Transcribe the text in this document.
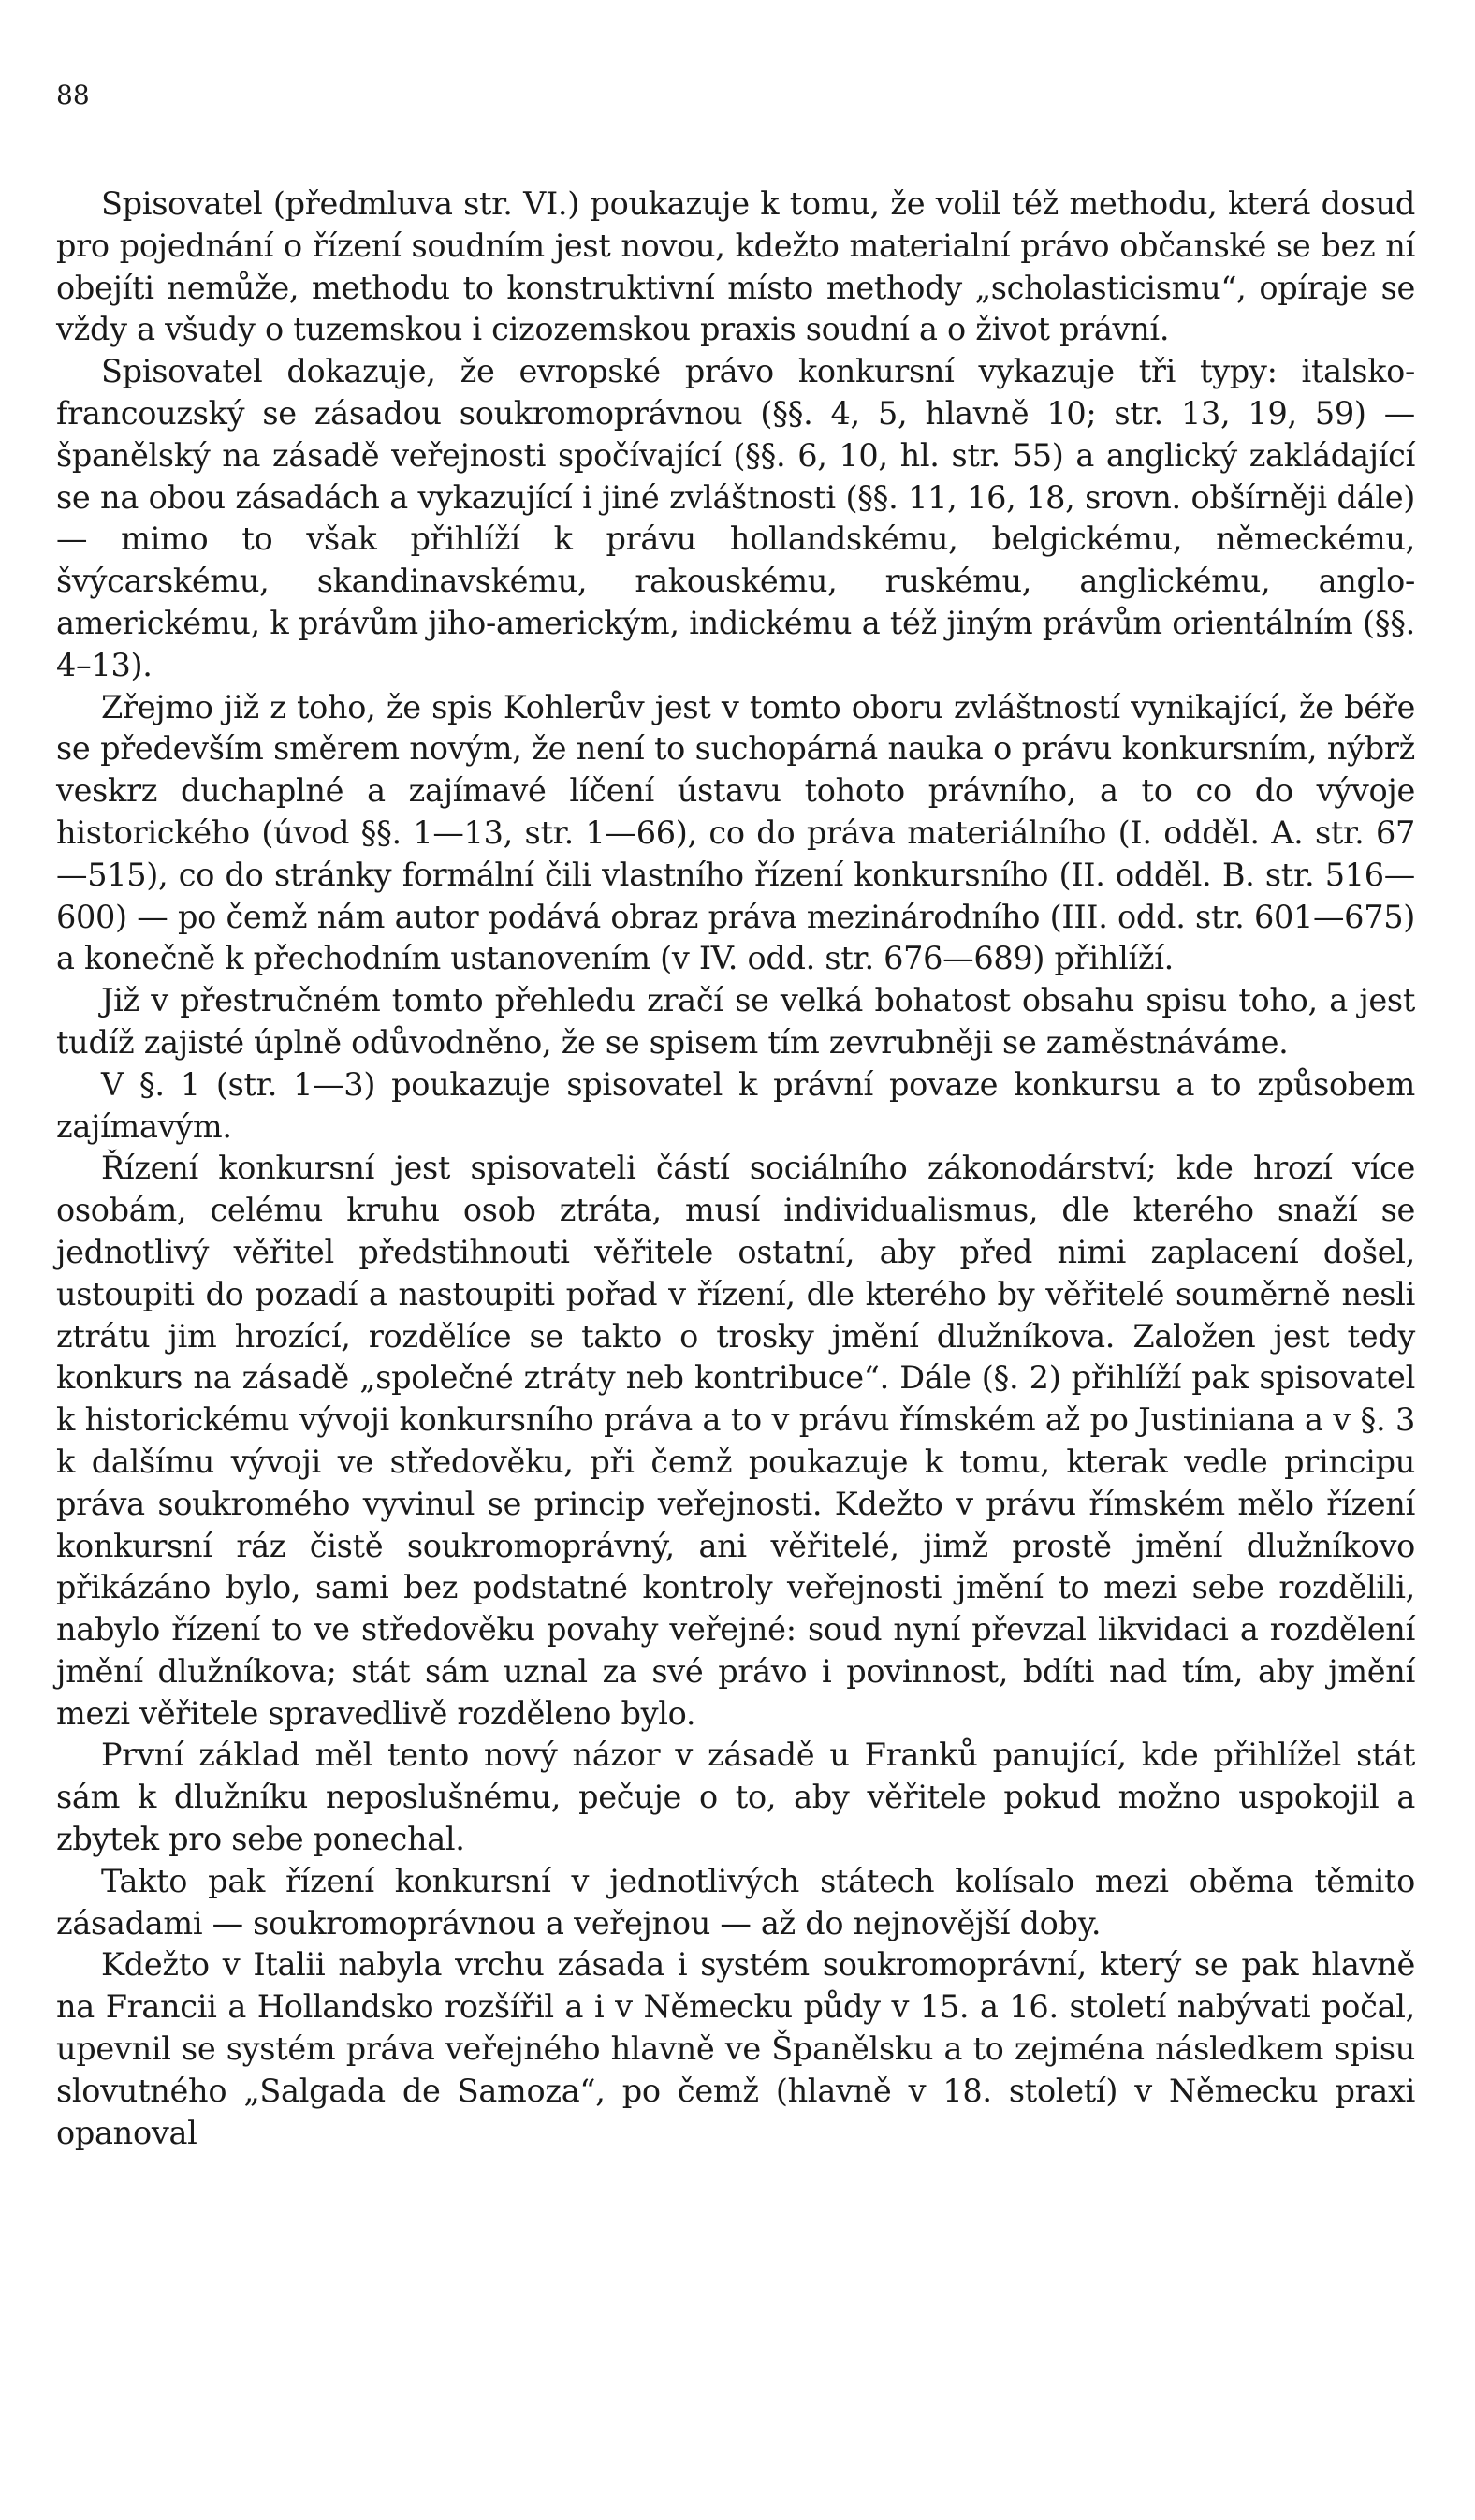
88

Spisovatel (předmluva str. VI.) poukazuje k tomu, že volil též methodu, která dosud pro pojednání o řízení soudním jest novou, kdežto materialní právo občanské se bez ní obejíti nemůže, methodu to konstruktivní místo methody „scholasticismu“, opíraje se vždy a všudy o tuzemskou i cizozemskou praxis soudní a o život právní.

Spisovatel dokazuje, že evropské právo konkursní vykazuje tři typy: italsko-francouzský se zásadou soukromoprávnou (§§. 4, 5, hlavně 10; str. 13, 19, 59) — španělský na zásadě veřejnosti spočívající (§§. 6, 10, hl. str. 55) a anglický zakládající se na obou zásadách a vykazující i jiné zvláštnosti (§§. 11, 16, 18, srovn. obšírněji dále) — mimo to však přihlíží k právu hollandskému, belgickému, německému, švýcarskému, skandinavskému, rakouskému, ruskému, anglickému, anglo-americkému, k právům jiho-americkým, indickému a též jiným právům orientálním (§§. 4–13).

Zřejmo již z toho, že spis Kohlerův jest v tomto oboru zvláštností vynikající, že béře se především směrem novým, že není to suchopárná nauka o právu konkursním, nýbrž veskrz duchaplné a zajímavé líčení ústavu tohoto právního, a to co do vývoje historického (úvod §§. 1—13, str. 1—66), co do práva materiálního (I. odděl. A. str. 67—515), co do stránky formální čili vlastního řízení konkursního (II. odděl. B. str. 516—600) — po čemž nám autor podává obraz práva mezinárodního (III. odd. str. 601—675) a konečně k přechodním ustanovením (v IV. odd. str. 676—689) přihlíží.

Již v přestručném tomto přehledu zračí se velká bohatost obsahu spisu toho, a jest tudíž zajisté úplně odůvodněno, že se spisem tím zevrubněji se zaměstnáváme.

V §. 1 (str. 1—3) poukazuje spisovatel k právní povaze konkursu a to způsobem zajímavým.

Řízení konkursní jest spisovateli částí sociálního zákonodárství; kde hrozí více osobám, celému kruhu osob ztráta, musí individualismus, dle kterého snaží se jednotlivý věřitel předstihnouti věřitele ostatní, aby před nimi zaplacení došel, ustoupiti do pozadí a nastoupiti pořad v řízení, dle kterého by věřitelé souměrně nesli ztrátu jim hrozící, rozdělíce se takto o trosky jmění dlužníkova. Založen jest tedy konkurs na zásadě „společné ztráty neb kontribuce“. Dále (§. 2) přihlíží pak spisovatel k historickému vývoji konkursního práva a to v právu římském až po Justiniana a v §. 3 k dalšímu vývoji ve středověku, při čemž poukazuje k tomu, kterak vedle principu práva soukromého vyvinul se princip veřejnosti. Kdežto v právu římském mělo řízení konkursní ráz čistě soukromoprávný, ani věřitelé, jimž prostě jmění dlužníkovo přikázáno bylo, sami bez podstatné kontroly veřejnosti jmění to mezi sebe rozdělili, nabylo řízení to ve středověku povahy veřejné: soud nyní převzal likvidaci a rozdělení jmění dlužníkova; stát sám uznal za své právo i povinnost, bdíti nad tím, aby jmění mezi věřitele spravedlivě rozděleno bylo.

První základ měl tento nový názor v zásadě u Franků panující, kde přihlížel stát sám k dlužníku neposlušnému, pečuje o to, aby věřitele pokud možno uspokojil a zbytek pro sebe ponechal.

Takto pak řízení konkursní v jednotlivých státech kolísalo mezi oběma těmito zásadami — soukromoprávnou a veřejnou — až do nejnovější doby.

Kdežto v Italii nabyla vrchu zásada i systém soukromoprávní, který se pak hlavně na Francii a Hollandsko rozšířil a i v Německu půdy v 15. a 16. století nabývati počal, upevnil se systém práva veřejného hlavně ve Španělsku a to zejména následkem spisu slovutného „Salgada de Samoza“, po čemž (hlavně v 18. století) v Německu praxi opanoval
